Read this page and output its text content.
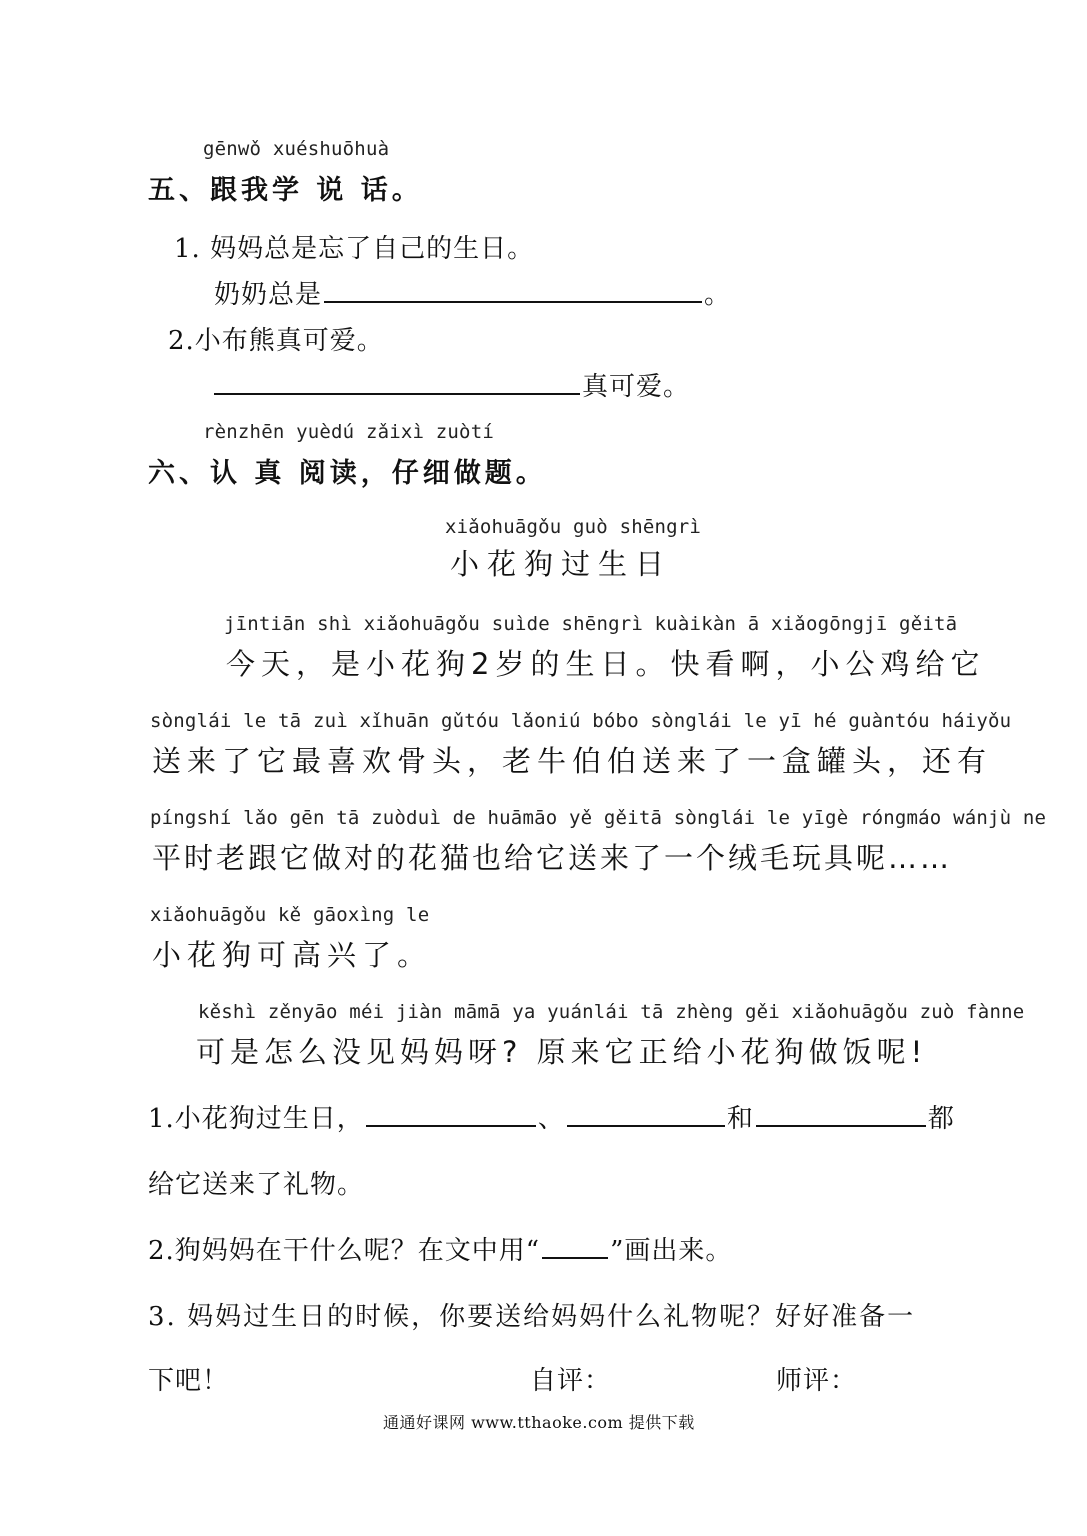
gēnwǒ xuéshuōhuà
五、跟我学 说 话。
1. 妈妈总是忘了自己的生日。
奶奶总是	。
2.小布熊真可爱。
真可爱。
rènzhēn yuèdú zǎixì zuòtí
六、认 真 阅读，仔细做题。
xiǎohuāgǒu guò shēngrì
小花狗过生日
jīntiān shì xiǎohuāgǒu suìde shēngrì kuàikàn ā xiǎogōngjī gěitā
今天，是小花狗2岁的生日。快看啊，小公鸡给它
sònglái le tā zuì xǐhuān gǔtóu lǎoniú bóbo sònglái le yī hé guàntóu háiyǒu
送来了它最喜欢骨头，老牛伯伯送来了一盒罐头，还有
píngshí lǎo gēn tā zuòduì de huāmāo yě gěitā sònglái le yīgè róngmáo wánjù ne
平时老跟它做对的花猫也给它送来了一个绒毛玩具呢……
xiǎohuāgǒu kě gāoxìng le
小花狗可高兴了。
kěshì zěnyāo méi jiàn māmā ya yuánlái tā zhèng gěi xiǎohuāgǒu zuò fànne
可是怎么没见妈妈呀? 原来它正给小花狗做饭呢!
1.小花狗过生日，	、	和	都
给它送来了礼物。
2.狗妈妈在干什么呢？在文中用“	”画出来。
3. 妈妈过生日的时候，你要送给妈妈什么礼物呢？好好准备一
下吧！	自评：	师评：
通通好课网 www.tthaoke.com 提供下载
